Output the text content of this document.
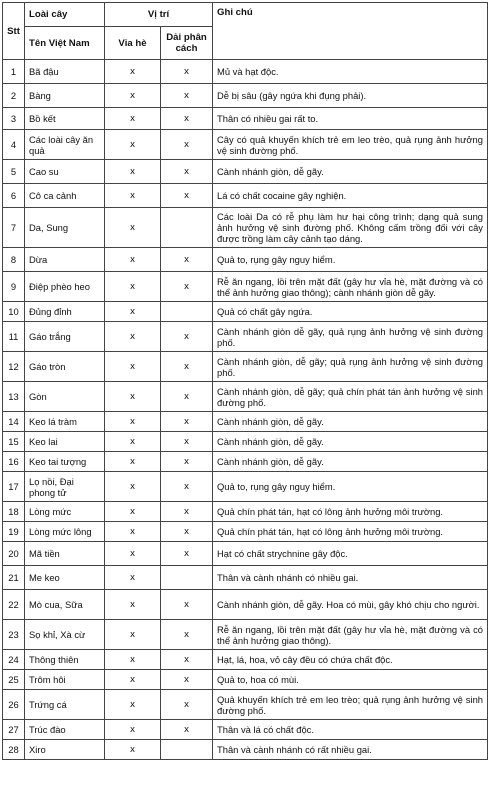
Stt	Loài cây	Vị trí		Ghi chú
	Tên Việt Nam	Vỉa hè	Dải phân cách	
1	Bã đậu	x	x	Mủ và hạt độc.
2	Bàng	x	x	Dễ bị sâu (gây ngứa khi đụng phải).
3	Bồ kết	x	x	Thân có nhiều gai rất to.
4	Các loài cây ăn quả	x	x	Cây có quả khuyến khích trẻ em leo trèo, quả rụng ảnh hưởng vệ sinh đường phố.
5	Cao su	x	x	Cành nhánh giòn, dễ gãy.
6	Cô ca cảnh	x	x	Lá có chất cocaine gây nghiện.
7	Da, Sung	x		Các loài Da có rễ phụ làm hư hại công trình; dạng quả sung ảnh hưởng vệ sinh đường phố. Không cấm trồng đối với cây được trồng làm cây cảnh tạo dáng.
8	Dừa	x	x	Quả to, rụng gây nguy hiểm.
9	Điệp phèo heo	x	x	Rễ ăn ngang, lồi trên mặt đất (gây hư vỉa hè, mặt đường và có thể ảnh hưởng giao thông); cành nhánh giòn dễ gãy.
10	Đủng đỉnh	x		Quả có chất gây ngứa.
11	Gáo trắng	x	x	Cành nhánh giòn dễ gãy, quả rụng ảnh hưởng vệ sinh đường phố.
12	Gáo tròn	x	x	Cành nhánh giòn, dễ gãy; quả rụng ảnh hưởng vệ sinh đường phố.
13	Gòn	x	x	Cành nhánh giòn, dễ gãy; quả chín phát tán ảnh hưởng vệ sinh đường phố.
14	Keo lá tràm	x	x	Cành nhánh giòn, dễ gãy.
15	Keo lai	x	x	Cành nhánh giòn, dễ gãy.
16	Keo tai tượng	x	x	Cành nhánh giòn, dễ gãy.
17	Lọ nồi, Đại phong tử	x	x	Quả to, rụng gây nguy hiểm.
18	Lòng mức	x	x	Quả chín phát tán, hạt có lông ảnh hưởng môi trường.
19	Lòng mức lông	x	x	Quả chín phát tán, hạt có lông ảnh hưởng môi trường.
20	Mã tiền	x	x	Hạt có chất strychnine gây độc.
21	Me keo	x		Thân và cành nhánh có nhiều gai.
22	Mò cua, Sữa	x	x	Cành nhánh giòn, dễ gãy. Hoa có mùi, gây khó chịu cho người.
23	Sọ khỉ, Xà cừ	x	x	Rễ ăn ngang, lồi trên mặt đất (gây hư vỉa hè, mặt đường và có thể ảnh hưởng giao thông).
24	Thông thiên	x	x	Hạt, lá, hoa, vỏ cây đều có chứa chất độc.
25	Trôm hôi	x	x	Quả to, hoa có mùi.
26	Trứng cá	x	x	Quả khuyến khích trẻ em leo trèo; quả rụng ảnh hưởng vệ sinh đường phố.
27	Trúc đào	x	x	Thân và lá có chất độc.
28	Xiro	x		Thân và cành nhánh có rất nhiều gai.
